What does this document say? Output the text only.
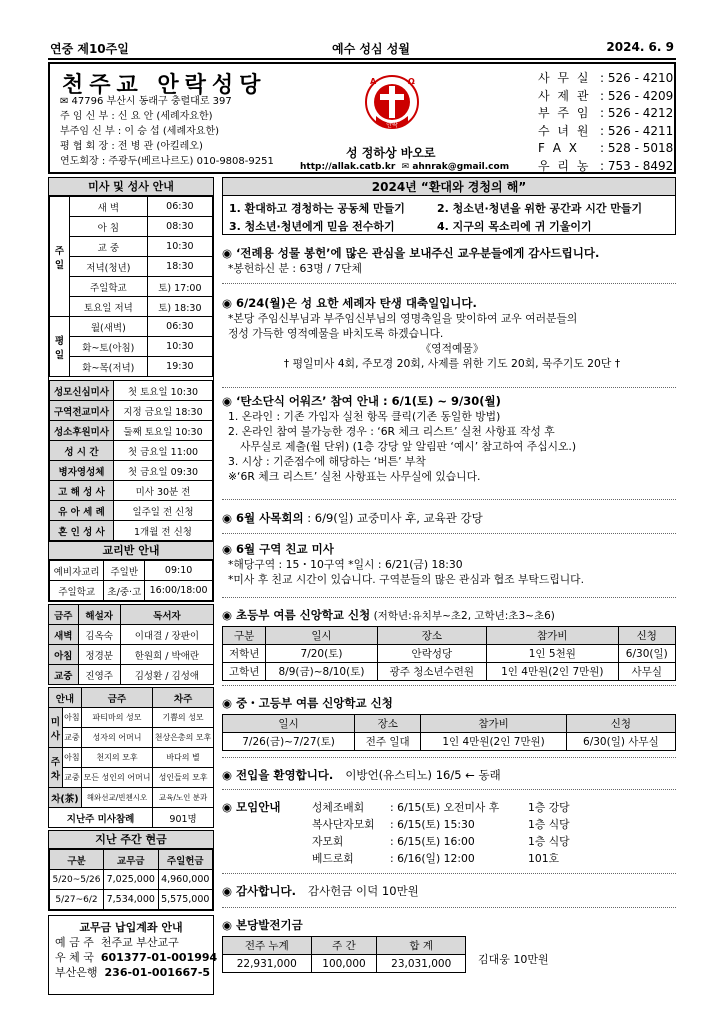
연중 제10주일	예수 성심 성월	2024. 6. 9
천주교 안락성당
✉ 47796 부산시 동래구 충렬대로 397
주 임 신 부 : 신 요 안 (세례자요한)
부주임 신 부 : 이 승 섭 (세례자요한)
평 협 회 장 : 전 병 관 (아킬레오)
연도회장 : 주광두(베르나르도) 010-9808-9251
A	Ω
안락
성 정하상 바오로
http://allak.catb.kr ✉ ahnrak@gmail.com
사 무 실 : 526 - 4210
사 제 관 : 526 - 4209
부 주 임 : 526 - 4212
수 녀 원 : 526 - 4211
F A X : 528 - 5018
우 리 농 : 753 - 8492
미사 및 성사 안내
주일	새 벽	06:30
	아 침	08:30
	교 중	10:30
	저녁(청년)	18:30
	주일학교	토) 17:00
	토요일 저녁	토) 18:30
평일	월(새벽)	06:30
	화~토(아침)	10:30
	화~목(저녁)	19:30
성모신심미사	첫 토요일 10:30
구역전교미사	지정 금요일 18:30
성소후원미사	둘째 토요일 10:30
성 시 간	첫 금요일 11:00
병자영성체	첫 금요일 09:30
고 해 성 사	미사 30분 전
유 아 세 례	일주일 전 신청
혼 인 성 사	1개월 전 신청
교리반 안내
예비자교리	주일반	09:10
주일학교	초/중·고	16:00/18:00
금주	해설자	독서자
새벽	김옥숙	이대결 / 장판이
아침	정경분	한원희 / 박애란
교중	진영주	김성환 / 김성애
안내		금주	차주
미사	아침	파티마의 성모	기쁨의 성모
	교중	성자의 어머니	천상은총의 모후
주차	아침	천지의 모후	바다의 별
	교중	모든 성인의 어머니	성인들의 모후
차(茶)		해와선교/빈첸시오	교육/노인 분과
지난주 미사참례			901명
지난 주간 현금
구분	교무금	주일헌금
5/20~5/26	7,025,000	4,960,000
5/27~6/2	7,534,000	5,575,000
교무금 납입계좌 안내
예 금 주 천주교 부산교구
우 체 국 601377-01-001994
부산은행 236-01-001667-5
2024년 “환대와 경청의 해”
1. 환대하고 경청하는 공동체 만들기	2. 청소년·청년을 위한 공간과 시간 만들기
3. 청소년·청년에게 믿음 전수하기	4. 지구의 목소리에 귀 기울이기
◉ ‘전례용 성물 봉헌’에 많은 관심을 보내주신 교우분들에게 감사드립니다.
*봉헌하신 분 : 63명 / 7단체
◉ 6/24(월)은 성 요한 세례자 탄생 대축일입니다.
*본당 주임신부님과 부주임신부님의 영명축일을 맞이하여 교우 여러분들의
정성 가득한 영적예물을 바치도록 하겠습니다.
《영적예물》
† 평일미사 4회, 주모경 20회, 사제를 위한 기도 20회, 묵주기도 20단 †
◉ ‘탄소단식 어워즈’ 참여 안내 : 6/1(토) ~ 9/30(월)
1. 온라인 : 기존 가입자 실천 항목 클릭(기존 동일한 방법)
2. 온라인 참여 불가능한 경우 : ‘6R 체크 리스트’ 실천 사항표 작성 후
사무실로 제출(월 단위) (1층 강당 앞 알림판 ‘예시’ 참고하여 주십시오.)
3. 시상 : 기준점수에 해당하는 ‘버튼’ 부착
※‘6R 체크 리스트’ 실천 사항표는 사무실에 있습니다.
◉ 6월 사목회의 : 6/9(일) 교중미사 후, 교육관 강당
◉ 6월 구역 친교 미사
*해당구역 : 15・10구역 *일시 : 6/21(금) 18:30
*미사 후 친교 시간이 있습니다. 구역분들의 많은 관심과 협조 부탁드립니다.
◉ 초등부 여름 신앙학교 신청 (저학년:유치부~초2, 고학년:초3~초6)
구분	일시	장소	참가비	신청
저학년	7/20(토)	안락성당	1인 5천원	6/30(일)
고학년	8/9(금)~8/10(토)	광주 청소년수련원	1인 4만원(2인 7만원)	사무실
◉ 중・고등부 여름 신앙학교 신청
일시	장소	참가비	신청
7/26(금)~7/27(토)	전주 일대	1인 4만원(2인 7만원)	6/30(일) 사무실
◉ 전입을 환영합니다. 이방언(유스티노) 16/5 ← 동래
◉ 모임안내	성체조배회 : 6/15(토) 오전미사 후	1층 강당
복사단자모회 : 6/15(토) 15:30	1층 식당
자모회	: 6/15(토) 16:00	1층 식당
베드로회	: 6/16(일) 12:00	101호
◉ 감사합니다. 감사헌금 이덕 10만원
◉ 본당발전기금
전주 누계	주 간	합 계
22,931,000	100,000	23,031,000 김대웅 10만원
